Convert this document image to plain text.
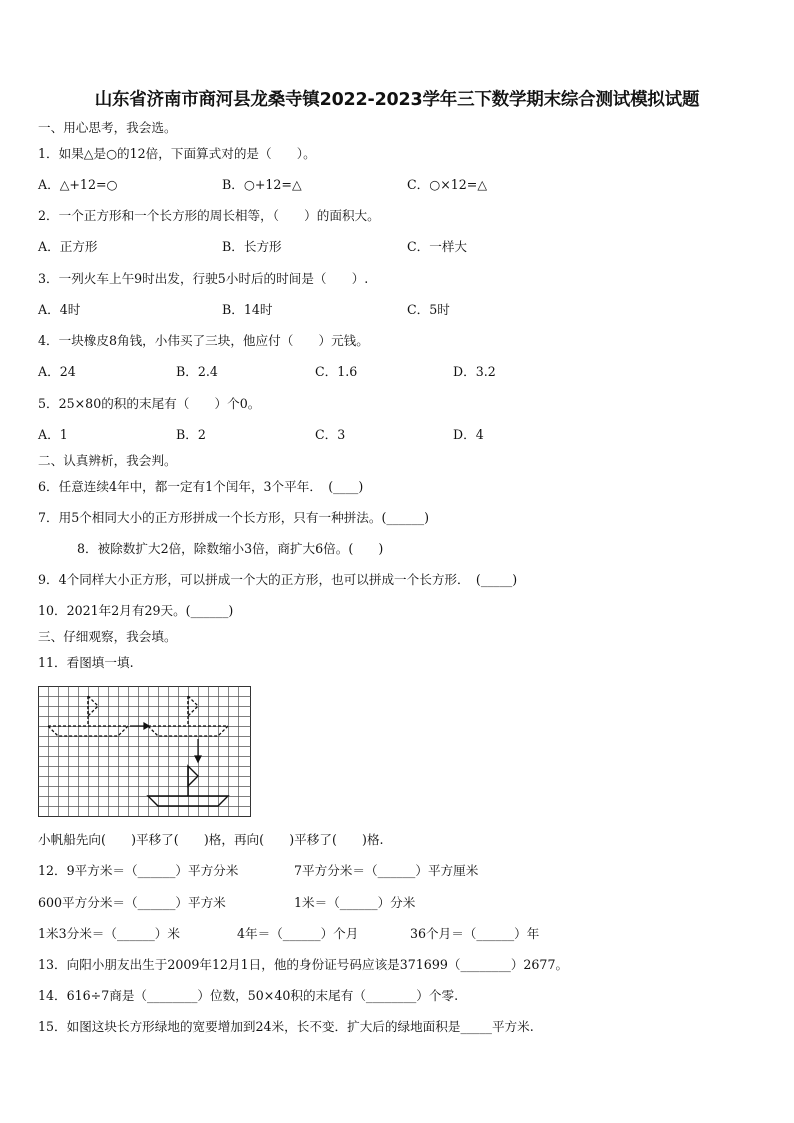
山东省济南市商河县龙桑寺镇2022-2023学年三下数学期末综合测试模拟试题
一、用心思考，我会选。
1．如果△是○的12倍，下面算式对的是（　　）。
A．△+12=○	B．○+12=△	C．○×12=△
2．一个正方形和一个长方形的周长相等，（　　）的面积大。
A．正方形	B．长方形	C．一样大
3．一列火车上午9时出发，行驶5小时后的时间是（　　）.
A．4时	B．14时	C．5时
4．一块橡皮8角钱，小伟买了三块，他应付（　　）元钱。
A．24	B．2.4	C．1.6	D．3.2
5．25×80的积的末尾有（　　）个0。
A．1	B．2	C．3	D．4
二、认真辨析，我会判。
6．任意连续4年中，都一定有1个闰年，3个平年．　(____)
7．用5个相同大小的正方形拼成一个长方形，只有一种拼法。(______)
8．被除数扩大2倍，除数缩小3倍，商扩大6倍。(　　)
9．4个同样大小正方形，可以拼成一个大的正方形，也可以拼成一个长方形．　(_____)
10．2021年2月有29天。(______)
三、仔细观察，我会填。
11．看图填一填.
小帆船先向(　　)平移了(　　)格，再向(　　)平移了(　　)格.
12．9平方米＝（______）平方分米	7平方分米＝（______）平方厘米
600平方分米＝（______）平方米	1米＝（______）分米
1米3分米＝（______）米	4年＝（______）个月	36个月＝（______）年
13．向阳小朋友出生于2009年12月1日，他的身份证号码应该是371699（________）2677。
14．616÷7商是（________）位数，50×40积的末尾有（________）个零.
15．如图这块长方形绿地的宽要增加到24米，长不变．扩大后的绿地面积是_____平方米.
